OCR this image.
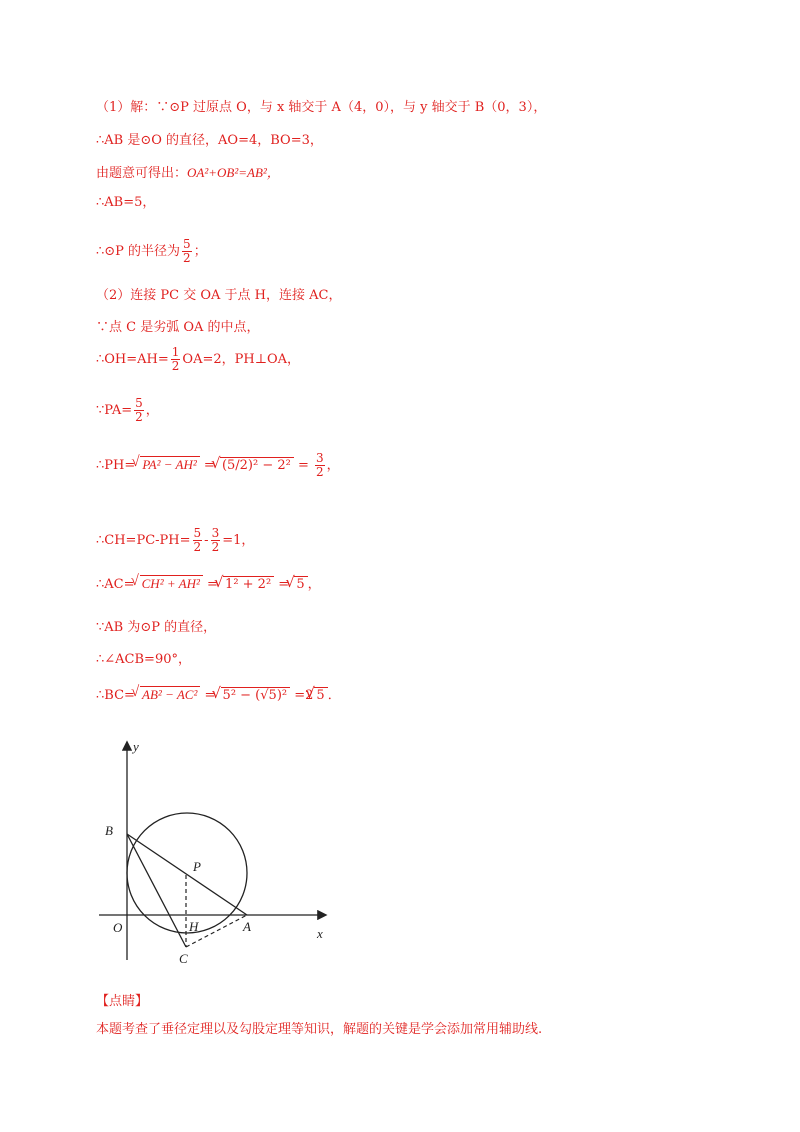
（1）解：∵⊙P 过原点 O，与 x 轴交于 A（4，0），与 y 轴交于 B（0，3），
∴AB 是⊙O 的直径，AO=4，BO=3，
由题意可得出：OA²+OB²=AB²，
∴AB=5，
∴⊙P 的半径为 $\frac{5}{2}$ ；
（2）连接 PC 交 OA 于点 H，连接 AC，
∵点 C 是劣弧 OA 的中点，
∴OH=AH= $\frac{1}{2} OA=2$，PH⊥OA，
∵PA= $\frac{5}{2}$ ，
∴PH= √ PA² − AH² = √ $(5/2)^2 - 2^2 = \frac{3}{2}$ ，
∴CH=PC-PH= $\frac{5}{2} - \frac{3}{2} =1$，
∴AC= √ CH² + AH² = √ 1² + 2² = √ 5 ，
∵AB 为⊙P 的直径，
∴∠ACB=90°，
∴BC= √ AB² − AC² = √ 5² − (√5)² =2 √ 5 ．
B
O
P
H	A
C
x
y
【点睛】
本题考查了垂径定理以及勾股定理等知识，解题的关键是学会添加常用辅助线.
